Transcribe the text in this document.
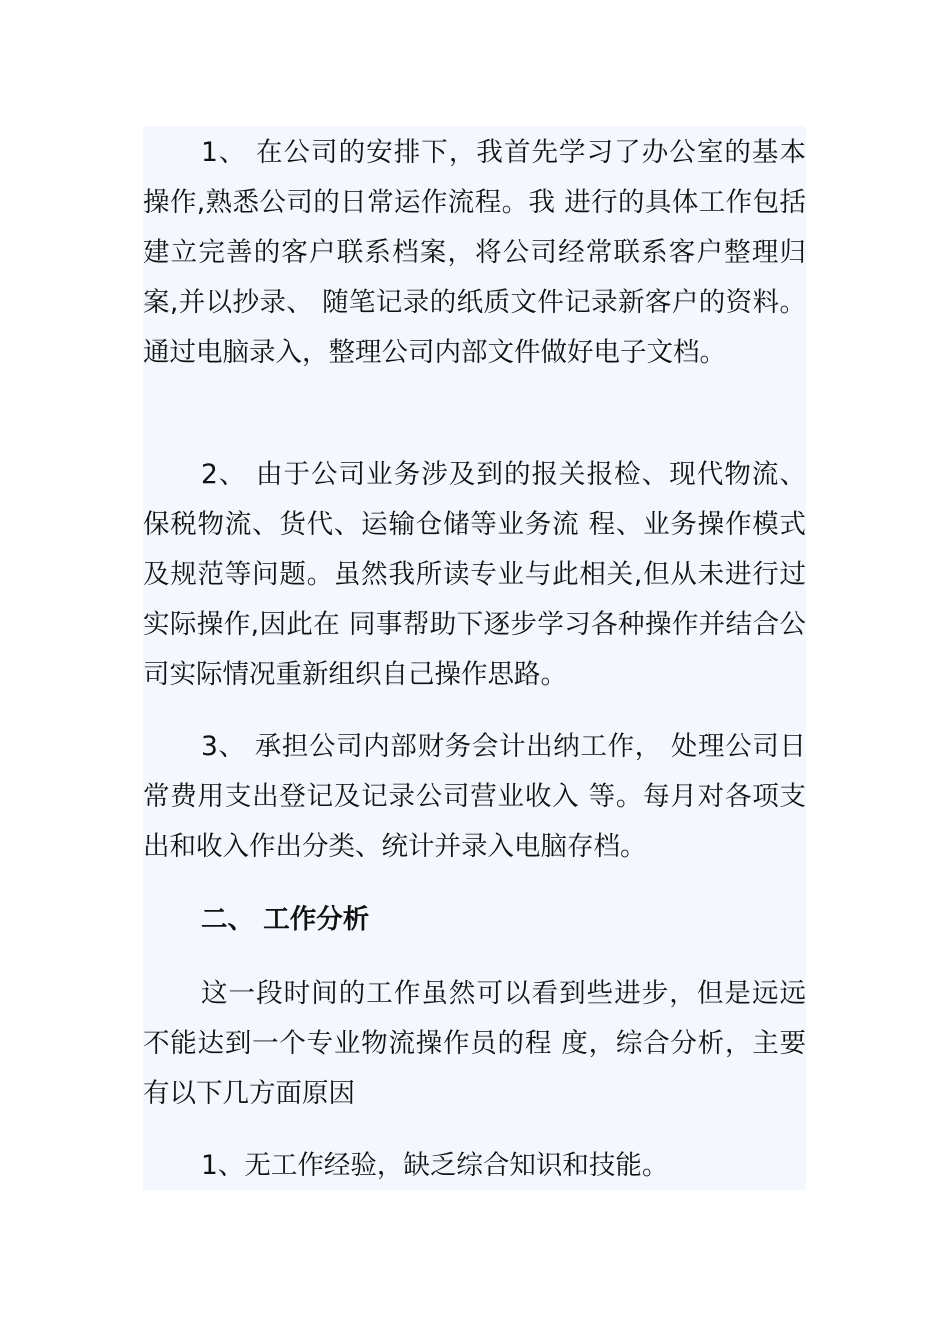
1、 在公司的安排下，我首先学习了办公室的基本操作,熟悉公司的日常运作流程。我 进行的具体工作包括建立完善的客户联系档案，将公司经常联系客户整理归案,并以抄录、 随笔记录的纸质文件记录新客户的资料。通过电脑录入，整理公司内部文件做好电子文档。

2、 由于公司业务涉及到的报关报检、现代物流、保税物流、货代、运输仓储等业务流 程、业务操作模式及规范等问题。虽然我所读专业与此相关,但从未进行过实际操作,因此在 同事帮助下逐步学习各种操作并结合公司实际情况重新组织自己操作思路。

3、 承担公司内部财务会计出纳工作， 处理公司日常费用支出登记及记录公司营业收入 等。每月对各项支出和收入作出分类、统计并录入电脑存档。

二、 工作分析

这一段时间的工作虽然可以看到些进步，但是远远不能达到一个专业物流操作员的程 度，综合分析，主要有以下几方面原因

1、无工作经验，缺乏综合知识和技能。
